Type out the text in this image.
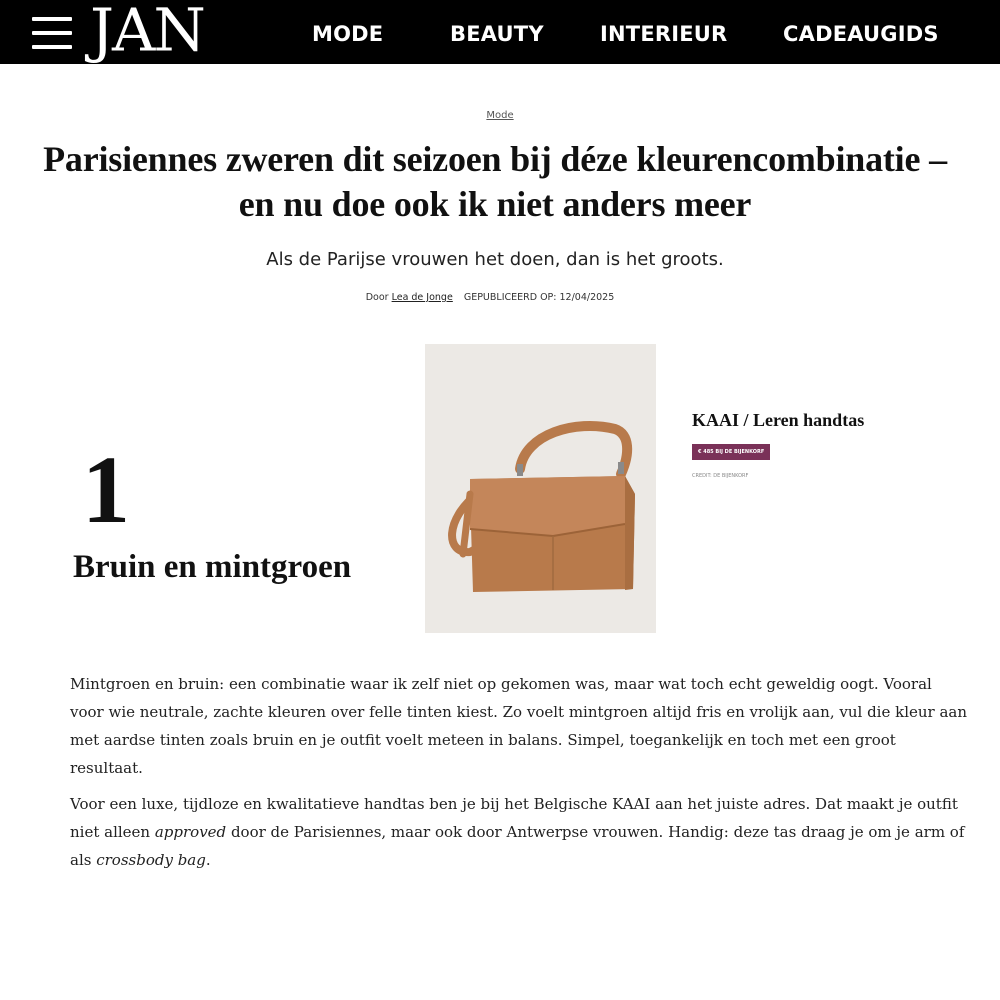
JAN	MODE	BEAUTY	INTERIEUR	CADEAUGIDS
Mode
Parisiennes zweren dit seizoen bij déze kleurencombinatie – en nu doe ook ik niet anders meer
Als de Parijse vrouwen het doen, dan is het groots.
Door Lea de Jonge GEPUBLICEERD OP: 12/04/2025
1
Bruin en mintgroen
KAAI / Leren handtas
€ 485 BIJ DE BIJENKORF
CREDIT: DE BIJENKORF

Mintgroen en bruin: een combinatie waar ik zelf niet op gekomen was, maar wat toch echt geweldig oogt. Vooral voor wie neutrale, zachte kleuren over felle tinten kiest. Zo voelt mintgroen altijd fris en vrolijk aan, vul die kleur aan met aardse tinten zoals bruin en je outfit voelt meteen in balans. Simpel, toegankelijk en toch met een groot resultaat.

Voor een luxe, tijdloze en kwalitatieve handtas ben je bij het Belgische KAAI aan het juiste adres. Dat maakt je outfit niet alleen approved door de Parisiennes, maar ook door Antwerpse vrouwen. Handig: deze tas draag je om je arm of als crossbody bag.
